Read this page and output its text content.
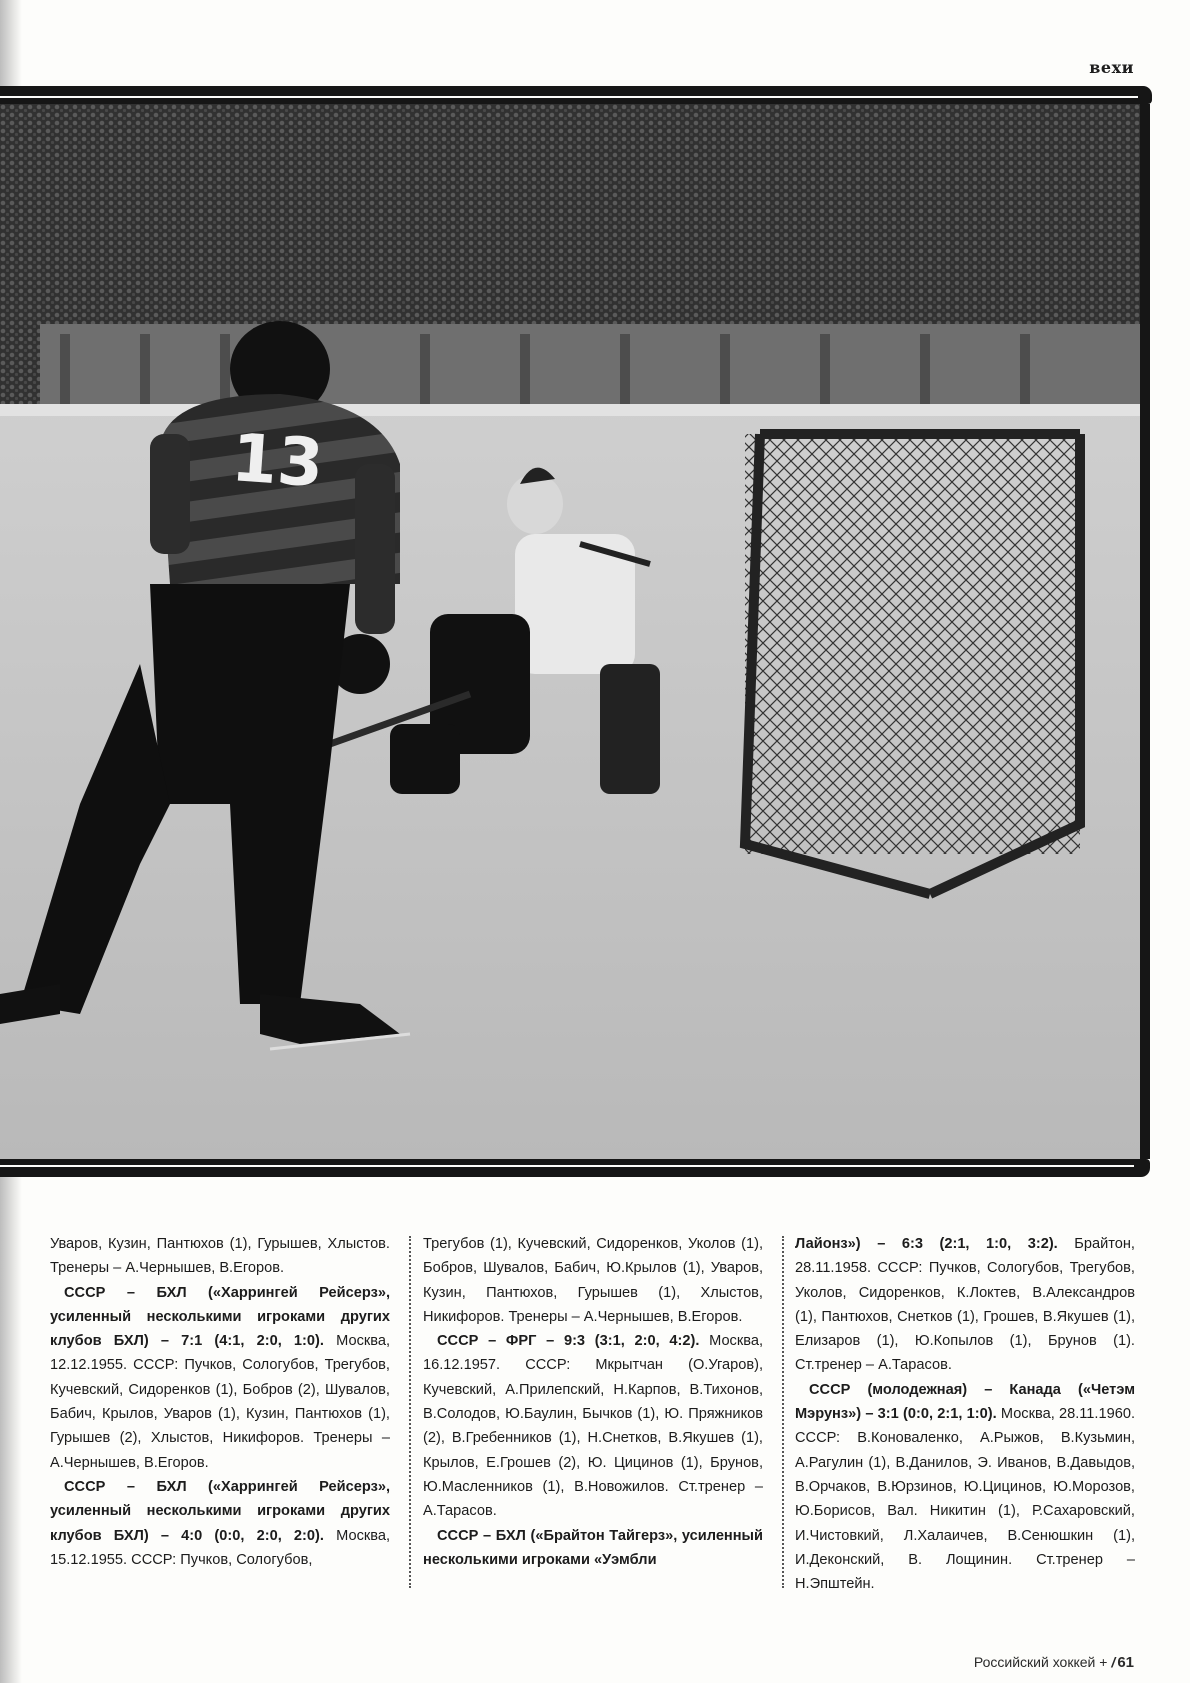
вехи
13

Уваров, Кузин, Пантюхов (1), Гурышев, Хлыстов. Тренеры – А.Чернышев, В.Егоров.

СССР – БХЛ («Харрингей Рейсерз», усиленный несколькими игроками других клубов БХЛ) – 7:1 (4:1, 2:0, 1:0). Москва, 12.12.1955. СССР: Пучков, Сологубов, Трегубов, Кучевский, Сидоренков (1), Бобров (2), Шувалов, Бабич, Крылов, Уваров (1), Кузин, Пантюхов (1), Гурышев (2), Хлыстов, Никифоров. Тренеры – А.Чернышев, В.Егоров.

СССР – БХЛ («Харрингей Рейсерз», усиленный несколькими игроками других клубов БХЛ) – 4:0 (0:0, 2:0, 2:0). Москва, 15.12.1955. СССР: Пучков, Сологубов,

Трегубов (1), Кучевский, Сидоренков, Уколов (1), Бобров, Шувалов, Бабич, Ю.Крылов (1), Уваров, Кузин, Пантюхов, Гурышев (1), Хлыстов, Никифоров. Тренеры – А.Чернышев, В.Егоров.

СССР – ФРГ – 9:3 (3:1, 2:0, 4:2). Москва, 16.12.1957. СССР: Мкрытчан (О.Угаров), Кучевский, А.Прилепский, Н.Карпов, В.Тихонов, В.Солодов, Ю.Баулин, Бычков (1), Ю. Пряжников (2), В.Гребенников (1), Н.Снетков, В.Якушев (1), Крылов, Е.Грошев (2), Ю. Цицинов (1), Брунов, Ю.Масленников (1), В.Новожилов. Ст.тренер – А.Тарасов.

СССР – БХЛ («Брайтон Тайгерз», усиленный несколькими игроками «Уэмбли

Лайонз») – 6:3 (2:1, 1:0, 3:2). Брайтон, 28.11.1958. СССР: Пучков, Сологубов, Трегубов, Уколов, Сидоренков, К.Локтев, В.Александров (1), Пантюхов, Снетков (1), Грошев, В.Якушев (1), Елизаров (1), Ю.Копылов (1), Брунов (1). Ст.тренер – А.Тарасов.

СССР (молодежная) – Канада («Четэм Мэрунз») – 3:1 (0:0, 2:1, 1:0). Москва, 28.11.1960. СССР: В.Коноваленко, А.Рыжов, В.Кузьмин, А.Рагулин (1), В.Данилов, Э. Иванов, В.Давыдов, В.Орчаков, В.Юрзинов, Ю.Цицинов, Ю.Морозов, Ю.Борисов, Вал. Никитин (1), Р.Сахаровский, И.Чистовкий, Л.Халаичев, В.Сенюшкин (1), И.Деконский, В. Лощинин. Ст.тренер – Н.Эпштейн.

Российский хоккей + / 61
